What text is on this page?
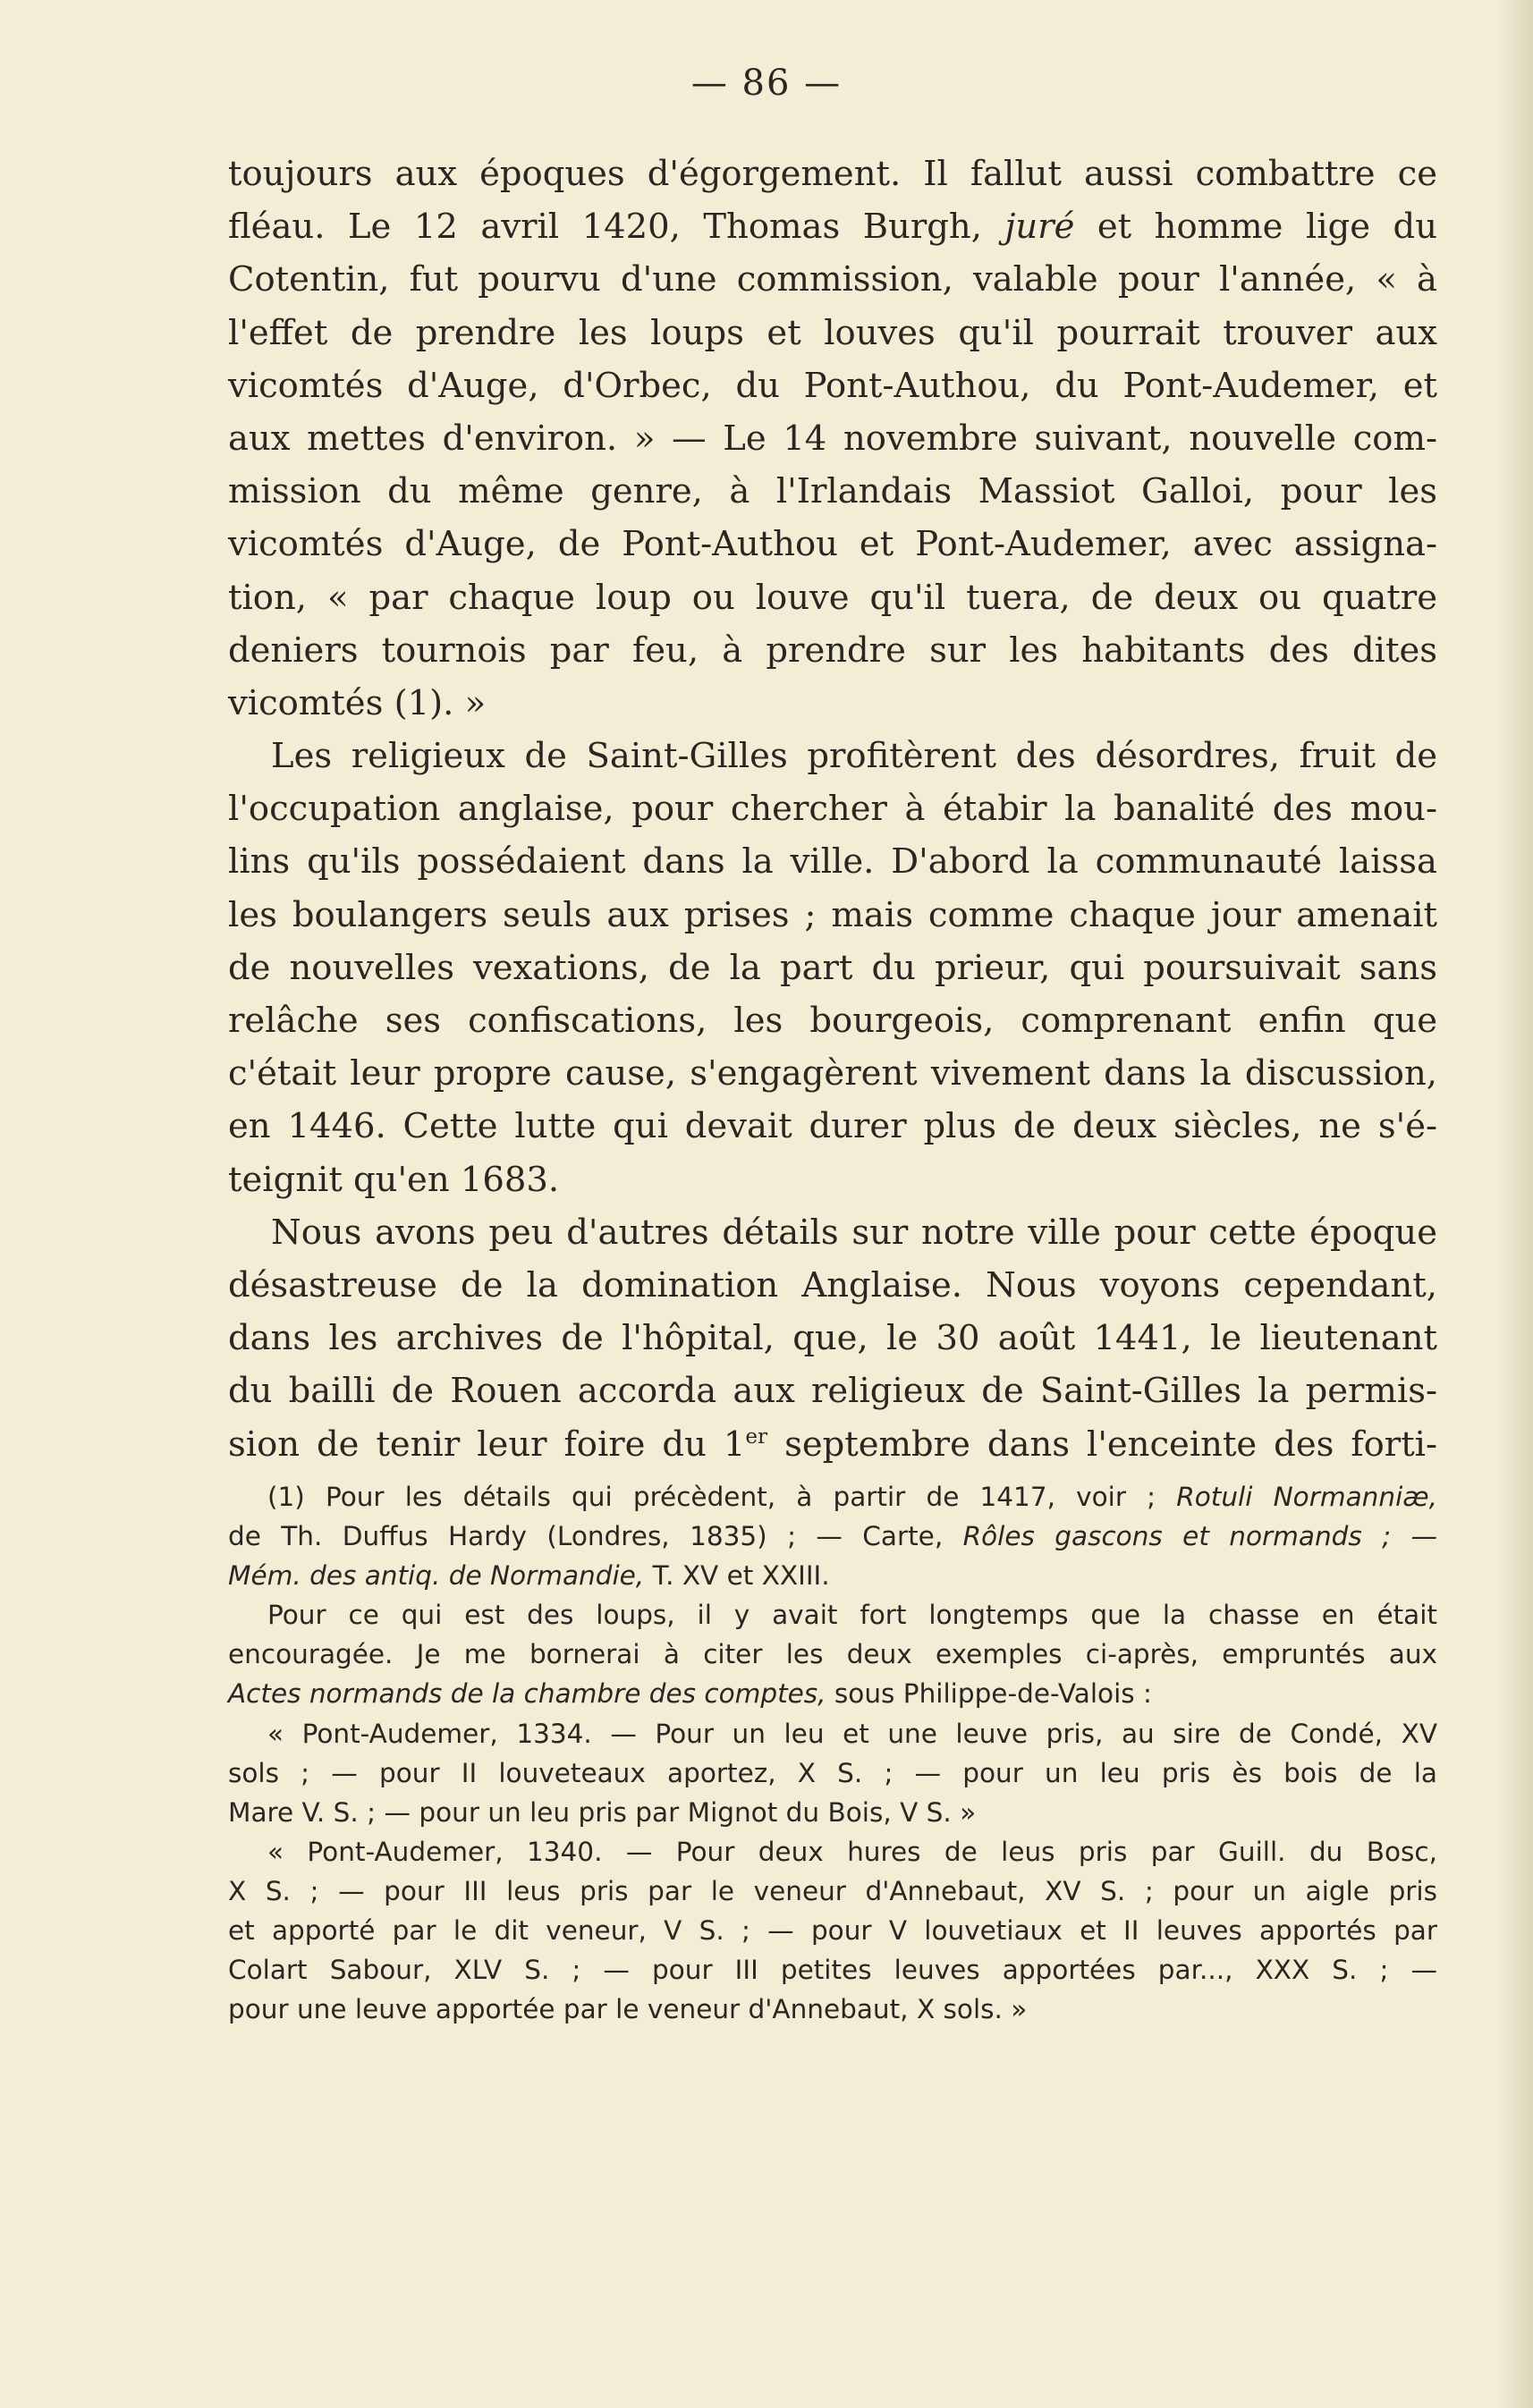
— 86 —
toujours aux époques d'égorgement. Il fallut aussi combattre ce
fléau. Le 12 avril 1420, Thomas Burgh, juré et homme lige du
Cotentin, fut pourvu d'une commission, valable pour l'année, « à
l'effet de prendre les loups et louves qu'il pourrait trouver aux
vicomtés d'Auge, d'Orbec, du Pont-Authou, du Pont-Audemer, et
aux mettes d'environ. » — Le 14 novembre suivant, nouvelle com-
mission du même genre, à l'Irlandais Massiot Galloi, pour les
vicomtés d'Auge, de Pont-Authou et Pont-Audemer, avec assigna-
tion, « par chaque loup ou louve qu'il tuera, de deux ou quatre
deniers tournois par feu, à prendre sur les habitants des dites
vicomtés (1). »
Les religieux de Saint-Gilles profitèrent des désordres, fruit de
l'occupation anglaise, pour chercher à étabir la banalité des mou-
lins qu'ils possédaient dans la ville. D'abord la communauté laissa
les boulangers seuls aux prises ; mais comme chaque jour amenait
de nouvelles vexations, de la part du prieur, qui poursuivait sans
relâche ses confiscations, les bourgeois, comprenant enfin que
c'était leur propre cause, s'engagèrent vivement dans la discussion,
en 1446. Cette lutte qui devait durer plus de deux siècles, ne s'é-
teignit qu'en 1683.
Nous avons peu d'autres détails sur notre ville pour cette époque
désastreuse de la domination Anglaise. Nous voyons cependant,
dans les archives de l'hôpital, que, le 30 août 1441, le lieutenant
du bailli de Rouen accorda aux religieux de Saint-Gilles la permis-
sion de tenir leur foire du 1er septembre dans l'enceinte des forti-
(1) Pour les détails qui précèdent, à partir de 1417, voir ; Rotuli Normanniæ,
de Th. Duffus Hardy (Londres, 1835) ; — Carte, Rôles gascons et normands ; —
Mém. des antiq. de Normandie, T. XV et XXIII.
Pour ce qui est des loups, il y avait fort longtemps que la chasse en était
encouragée. Je me bornerai à citer les deux exemples ci-après, empruntés aux
Actes normands de la chambre des comptes, sous Philippe-de-Valois :
« Pont-Audemer, 1334. — Pour un leu et une leuve pris, au sire de Condé, XV
sols ; — pour II louveteaux aportez, X S. ; — pour un leu pris ès bois de la
Mare V. S. ; — pour un leu pris par Mignot du Bois, V S. »
« Pont-Audemer, 1340. — Pour deux hures de leus pris par Guill. du Bosc,
X S. ; — pour III leus pris par le veneur d'Annebaut, XV S. ; pour un aigle pris
et apporté par le dit veneur, V S. ; — pour V louvetiaux et II leuves apportés par
Colart Sabour, XLV S. ; — pour III petites leuves apportées par..., XXX S. ; —
pour une leuve apportée par le veneur d'Annebaut, X sols. »
